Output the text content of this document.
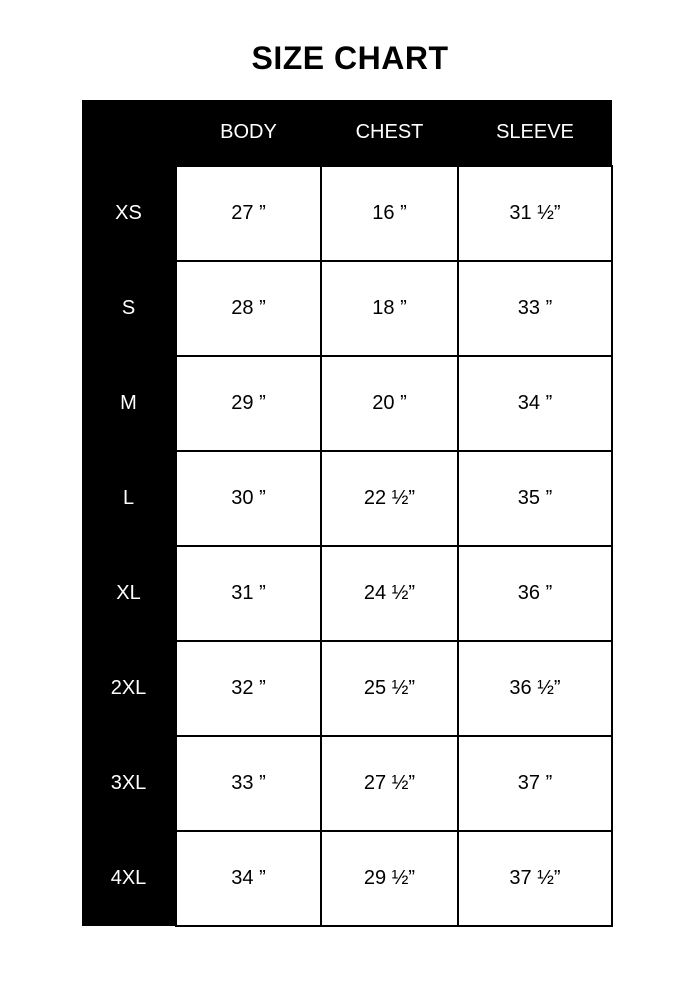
SIZE CHART
	BODY	CHEST	SLEEVE
XS	27 ”	16 ”	31 ½”
S	28 ”	18 ”	33 ”
M	29 ”	20 ”	34 ”
L	30 ”	22 ½”	35 ”
XL	31 ”	24 ½”	36 ”
2XL	32 ”	25 ½”	36 ½”
3XL	33 ”	27 ½”	37 ”
4XL	34 ”	29 ½”	37 ½”
